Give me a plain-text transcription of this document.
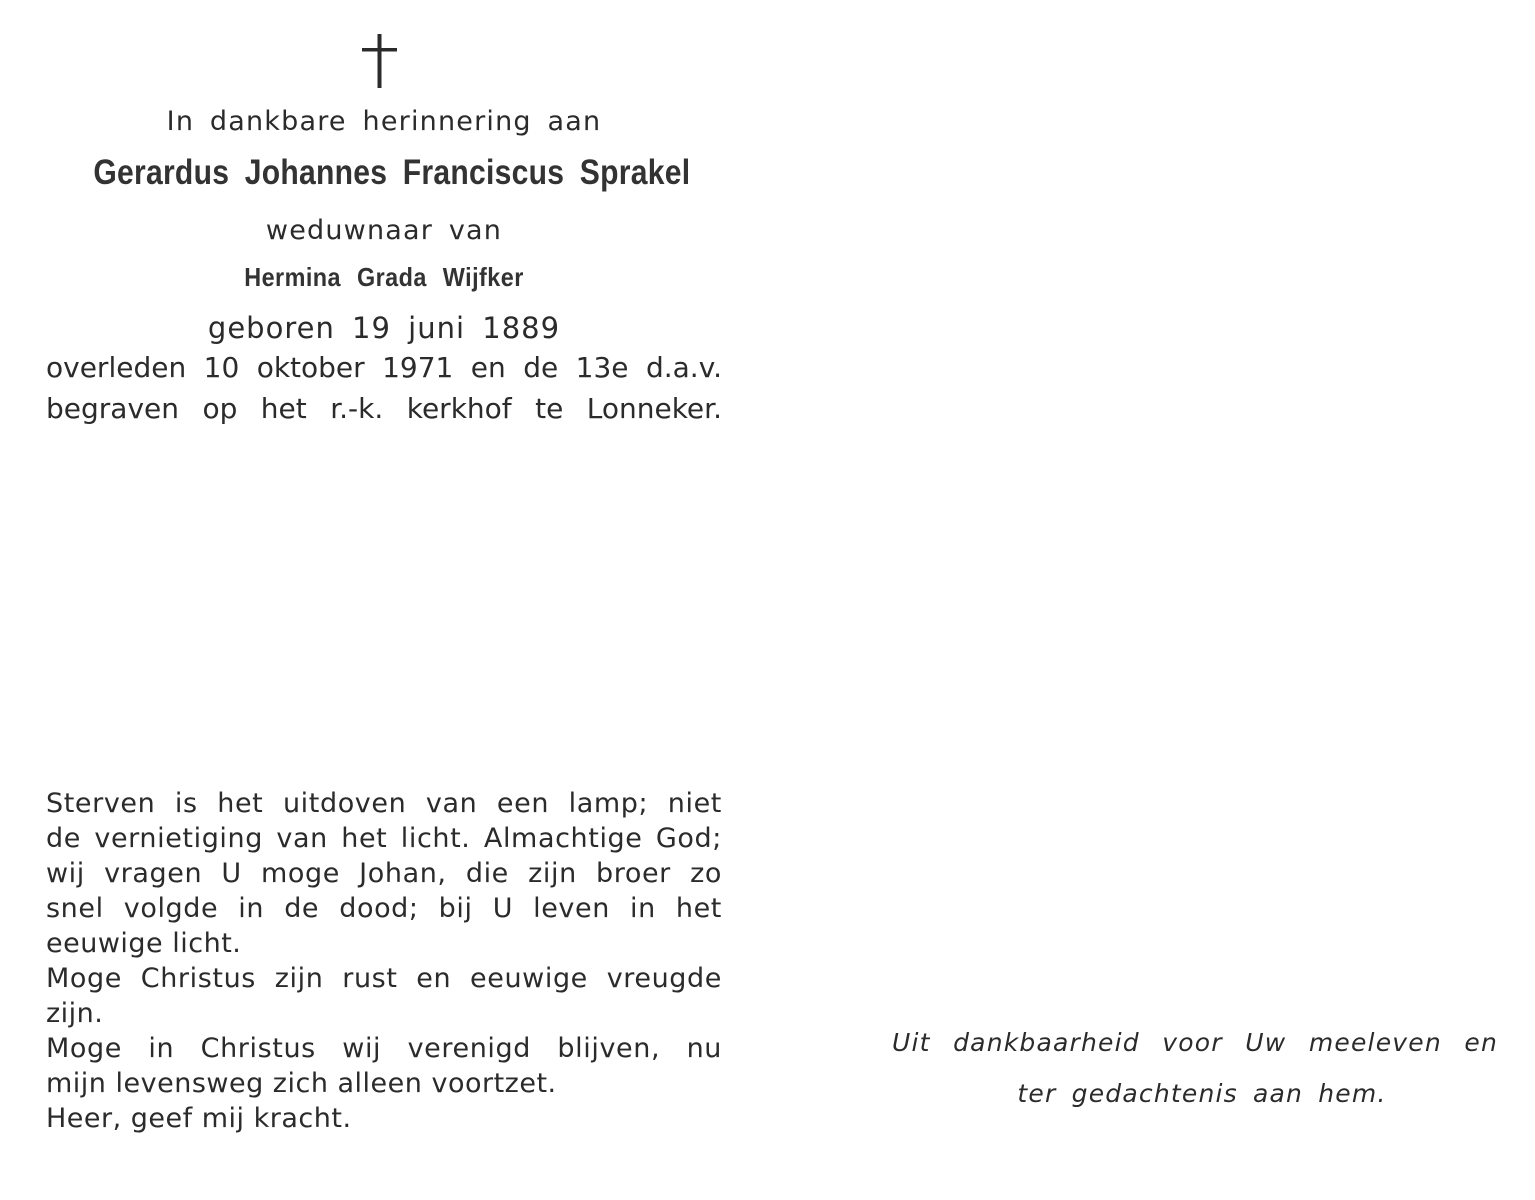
In dankbare herinnering aan
Gerardus Johannes Franciscus Sprakel
weduwnaar van
Hermina Grada Wijfker
geboren 19 juni 1889
overleden 10 oktober 1971 en de 13e d.a.v.
begraven op het r.-k. kerkhof te Lonneker.
Sterven is het uitdoven van een lamp; niet
de vernietiging van het licht. Almachtige God;
wij vragen U moge Johan, die zijn broer zo
snel volgde in de dood; bij U leven in het
eeuwige licht.
Moge Christus zijn rust en eeuwige vreugde
zijn.
Moge in Christus wij verenigd blijven, nu
mijn levensweg zich alleen voortzet.
Heer, geef mij kracht.
Uit dankbaarheid voor Uw meeleven en
ter gedachtenis aan hem.
